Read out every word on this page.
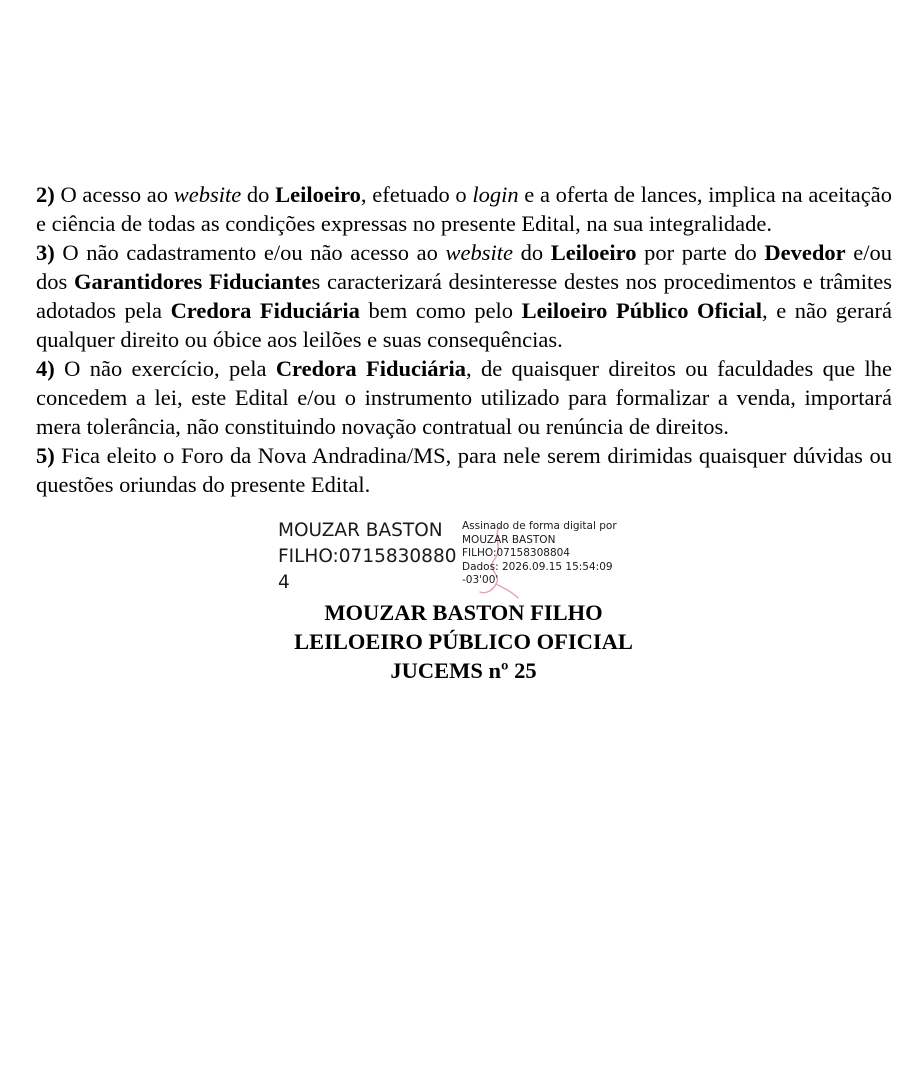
2) O acesso ao website do Leiloeiro, efetuado o login e a oferta de lances, implica na aceitação e ciência de todas as condições expressas no presente Edital, na sua integralidade.

3) O não cadastramento e/ou não acesso ao website do Leiloeiro por parte do Devedor e/ou dos Garantidores Fiduciantes caracterizará desinteresse destes nos procedimentos e trâmites adotados pela Credora Fiduciária bem como pelo Leiloeiro Público Oficial, e não gerará qualquer direito ou óbice aos leilões e suas consequências.

4) O não exercício, pela Credora Fiduciária, de quaisquer direitos ou faculdades que lhe concedem a lei, este Edital e/ou o instrumento utilizado para formalizar a venda, importará mera tolerância, não constituindo novação contratual ou renúncia de direitos.

5) Fica eleito o Foro da Nova Andradina/MS, para nele serem dirimidas quaisquer dúvidas ou questões oriundas do presente Edital.

MOUZAR BASTON
FILHO:0715830880
4
Assinado de forma digital por
MOUZAR BASTON
FILHO:07158308804
Dados: 2026.09.15 15:54:09
-03'00'
MOUZAR BASTON FILHO
LEILOEIRO PÚBLICO OFICIAL
JUCEMS nº 25
